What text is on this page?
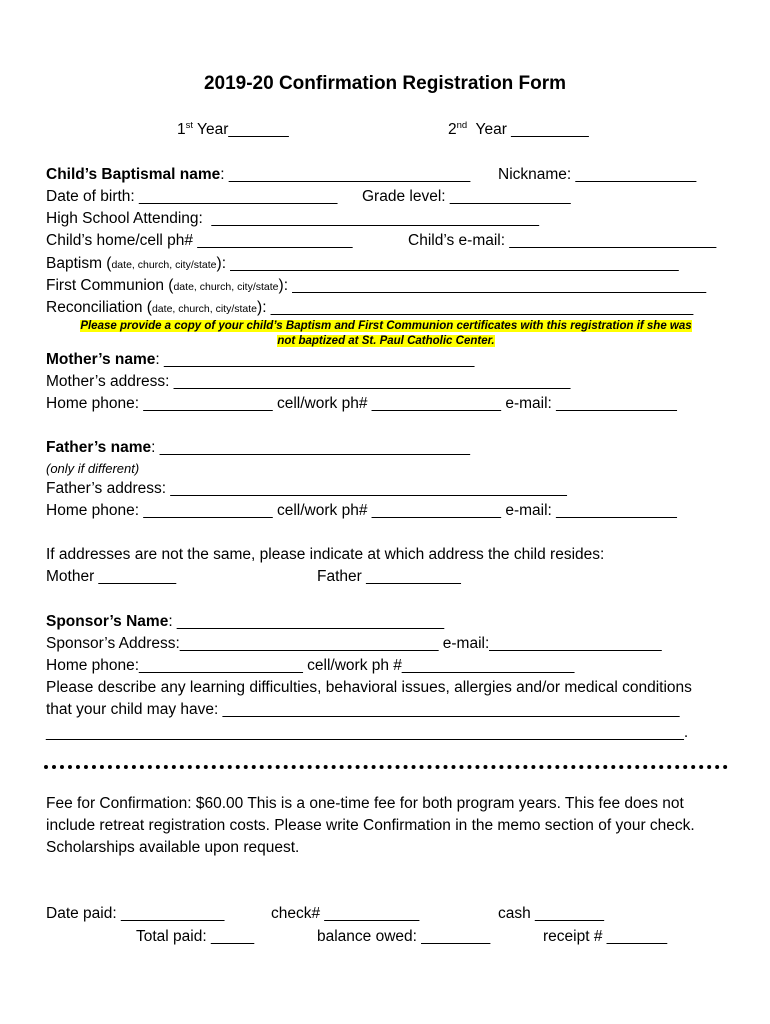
2019-20 Confirmation Registration Form
1st Year_______	2nd  Year _________
Child’s Baptismal name: ____________________________ Nickname: ______________
Date of birth: _______________________ Grade level: ______________
High School Attending:  ______________________________________
Child’s home/cell ph# __________________	Child’s e-mail: ________________________
Baptism (date, church, city/state): ____________________________________________________
First Communion (date, church, city/state): ________________________________________________
Reconciliation (date, church, city/state): _________________________________________________
Please provide a copy of your child’s Baptism and First Communion certificates with this registration if she was
not baptized at St. Paul Catholic Center.
Mother’s name: ____________________________________
Mother’s address: ______________________________________________
Home phone: _______________ cell/work ph# _______________ e-mail: ______________
Father’s name: ____________________________________
(only if different)
Father’s address: ______________________________________________
Home phone: _______________ cell/work ph# _______________ e-mail: ______________
If addresses are not the same, please indicate at which address the child resides:
Mother _________	Father ___________
Sponsor’s Name: _______________________________
Sponsor’s Address:______________________________ e-mail:____________________
Home phone:___________________ cell/work ph #____________________
Please describe any learning difficulties, behavioral issues, allergies and/or medical conditions
that your child may have: _____________________________________________________
__________________________________________________________________________.
Fee for Confirmation: $60.00 This is a one-time fee for both program years. This fee does not include retreat registration costs. Please write Confirmation in the memo section of your check. Scholarships available upon request.
Date paid: ____________	check# ___________	cash ________
Total paid: _____	balance owed: ________	receipt # _______
